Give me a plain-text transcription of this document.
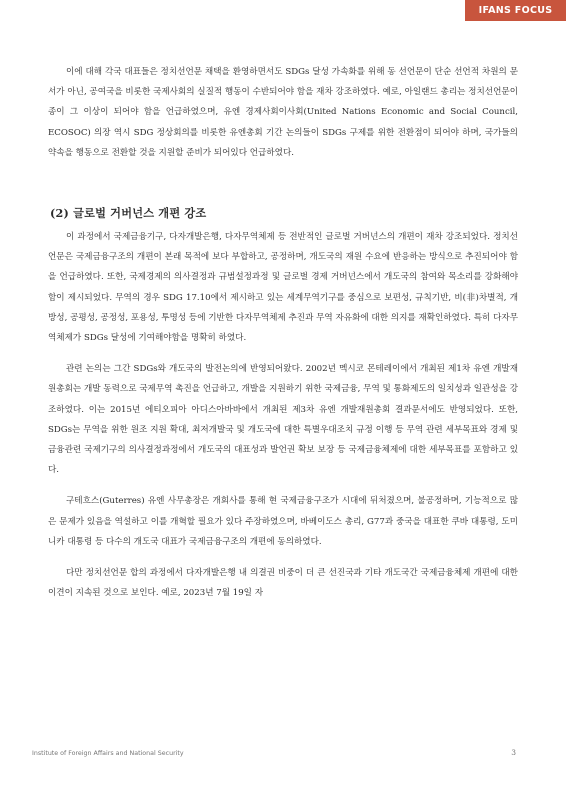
IFANS FOCUS

이에 대해 각국 대표들은 정치선언문 채택을 환영하면서도 SDGs 달성 가속화를 위해 동 선언문이 단순 선언적 차원의 문서가 아닌, 공여국을 비롯한 국제사회의 실질적 행동이 수반되어야 함을 재차 강조하였다. 예로, 아일랜드 총리는 정치선언문이 종이 그 이상이 되어야 함을 언급하였으며, 유엔 경제사회이사회(United Nations Economic and Social Council, ECOSOC) 의장 역시 SDG 정상회의를 비롯한 유엔총회 기간 논의들이 SDGs 구제를 위한 전환점이 되어야 하며, 국가들의 약속을 행동으로 전환할 것을 지원할 준비가 되어있다 언급하였다.

(2) 글로벌 거버넌스 개편 강조

이 과정에서 국제금융기구, 다자개발은행, 다자무역체제 등 전반적인 글로벌 거버넌스의 개편이 재차 강조되었다. 정치선언문은 국제금융구조의 개편이 본래 목적에 보다 부합하고, 공정하며, 개도국의 재원 수요에 반응하는 방식으로 추진되어야 함을 언급하였다. 또한, 국제경제의 의사결정과 규범설정과정 및 글로벌 경제 거버넌스에서 개도국의 참여와 목소리를 강화해야 함이 제시되었다. 무역의 경우 SDG 17.10에서 제시하고 있는 세계무역기구를 중심으로 보편성, 규칙기반, 비(非)차별적, 개방성, 공평성, 공정성, 포용성, 투명성 등에 기반한 다자무역체제 추진과 무역 자유화에 대한 의지를 재확인하였다. 특히 다자무역체제가 SDGs 달성에 기여해야함을 명확히 하였다.

관련 논의는 그간 SDGs와 개도국의 발전논의에 반영되어왔다. 2002년 멕시코 몬테레이에서 개최된 제1차 유엔 개발재원총회는 개발 동력으로 국제무역 촉진을 언급하고, 개발을 지원하기 위한 국제금융, 무역 및 통화제도의 일치성과 일관성을 강조하였다. 이는 2015년 에티오피아 아디스아바바에서 개최된 제3차 유엔 개발재원총회 결과문서에도 반영되었다. 또한, SDGs는 무역을 위한 원조 지원 확대, 최저개발국 및 개도국에 대한 특별우대조치 규정 이행 등 무역 관련 세부목표와 경제 및 금융관련 국제기구의 의사결정과정에서 개도국의 대표성과 발언권 확보 보장 등 국제금융체제에 대한 세부목표를 포함하고 있다.

구테흐스(Guterres) 유엔 사무총장은 개회사를 통해 현 국제금융구조가 시대에 뒤처졌으며, 불공정하며, 기능적으로 많은 문제가 있음을 역설하고 이를 개혁할 필요가 있다 주장하였으며, 바베이도스 총리, G77과 중국을 대표한 쿠바 대통령, 도미니카 대통령 등 다수의 개도국 대표가 국제금융구조의 개편에 동의하였다.

다만 정치선언문 합의 과정에서 다자개발은행 내 의결권 비중이 더 큰 선진국과 기타 개도국간 국제금융체제 개편에 대한 이견이 지속된 것으로 보인다. 예로, 2023년 7월 19일 자

Institute of Foreign Affairs and National Security	3
